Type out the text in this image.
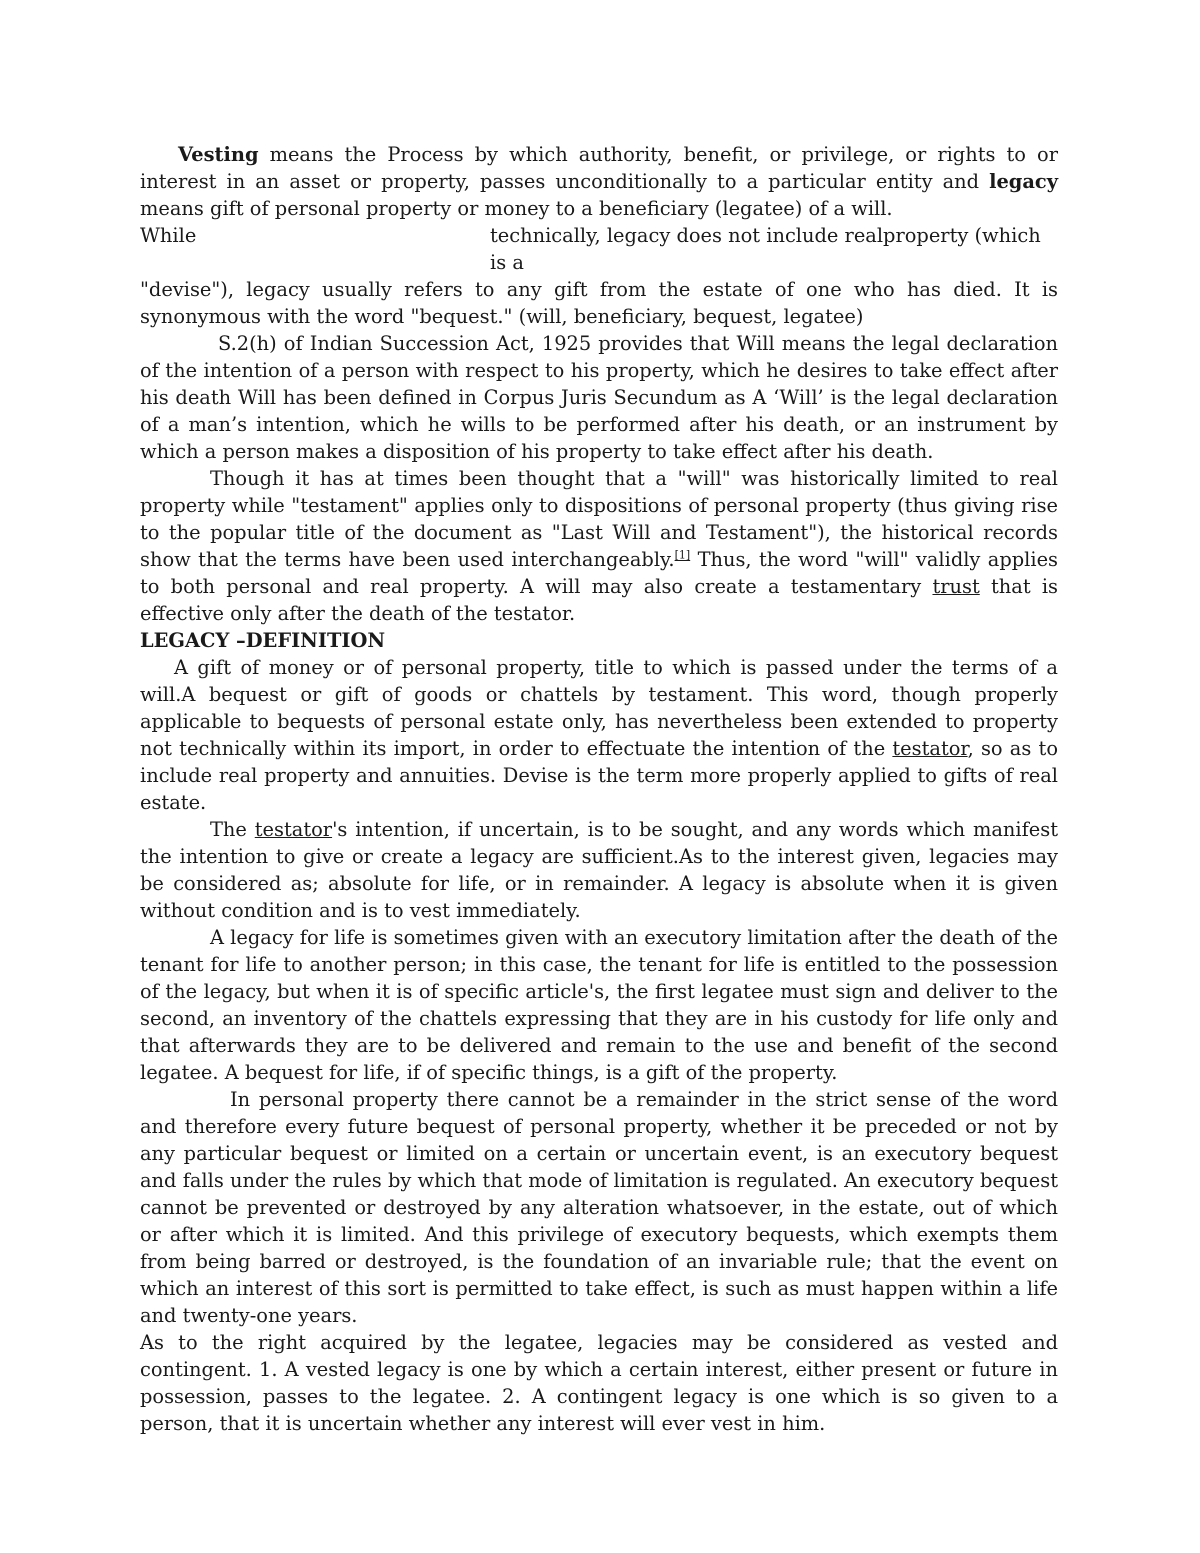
Vesting means the Process by which authority, benefit, or privilege, or rights to or interest in an asset or property, passes unconditionally to a particular entity and legacy means gift of personal property or money to a beneficiary (legatee) of a will.

While	technically, legacy does not include realproperty (which is a

"devise"), legacy usually refers to any gift from the estate of one who has died. It is synonymous with the word "bequest." (will, beneficiary, bequest, legatee)

S.2(h) of Indian Succession Act, 1925 provides that Will means the legal declaration of the intention of a person with respect to his property, which he desires to take effect after his death Will has been defined in Corpus Juris Secundum as A ‘Will’ is the legal declaration of a man’s intention, which he wills to be performed after his death, or an instrument by which a person makes a disposition of his property to take effect after his death.

Though it has at times been thought that a "will" was historically limited to real property while "testament" applies only to dispositions of personal property (thus giving rise to the popular title of the document as "Last Will and Testament"), the historical records show that the terms have been used interchangeably.[1] Thus, the word "will" validly applies to both personal and real property. A will may also create a testamentary trust that is effective only after the death of the testator.

LEGACY –DEFINITION

A gift of money or of personal property, title to which is passed under the terms of a will.A bequest or gift of goods or chattels by testament. This word, though properly applicable to bequests of personal estate only, has nevertheless been extended to property not technically within its import, in order to effectuate the intention of the testator, so as to include real property and annuities. Devise is the term more properly applied to gifts of real estate.

The testator's intention, if uncertain, is to be sought, and any words which manifest the intention to give or create a legacy are sufficient.As to the interest given, legacies may be considered as; absolute for life, or in remainder. A legacy is absolute when it is given without condition and is to vest immediately.

A legacy for life is sometimes given with an executory limitation after the death of the tenant for life to another person; in this case, the tenant for life is entitled to the possession of the legacy, but when it is of specific article's, the first legatee must sign and deliver to the second, an inventory of the chattels expressing that they are in his custody for life only and that afterwards they are to be delivered and remain to the use and benefit of the second legatee. A bequest for life, if of specific things, is a gift of the property.

In personal property there cannot be a remainder in the strict sense of the word and therefore every future bequest of personal property, whether it be preceded or not by any particular bequest or limited on a certain or uncertain event, is an executory bequest and falls under the rules by which that mode of limitation is regulated. An executory bequest cannot be prevented or destroyed by any alteration whatsoever, in the estate, out of which or after which it is limited. And this privilege of executory bequests, which exempts them from being barred or destroyed, is the foundation of an invariable rule; that the event on which an interest of this sort is permitted to take effect, is such as must happen within a life and twenty-one years.

As to the right acquired by the legatee, legacies may be considered as vested and contingent. 1. A vested legacy is one by which a certain interest, either present or future in possession, passes to the legatee. 2. A contingent legacy is one which is so given to a person, that it is uncertain whether any interest will ever vest in him.
